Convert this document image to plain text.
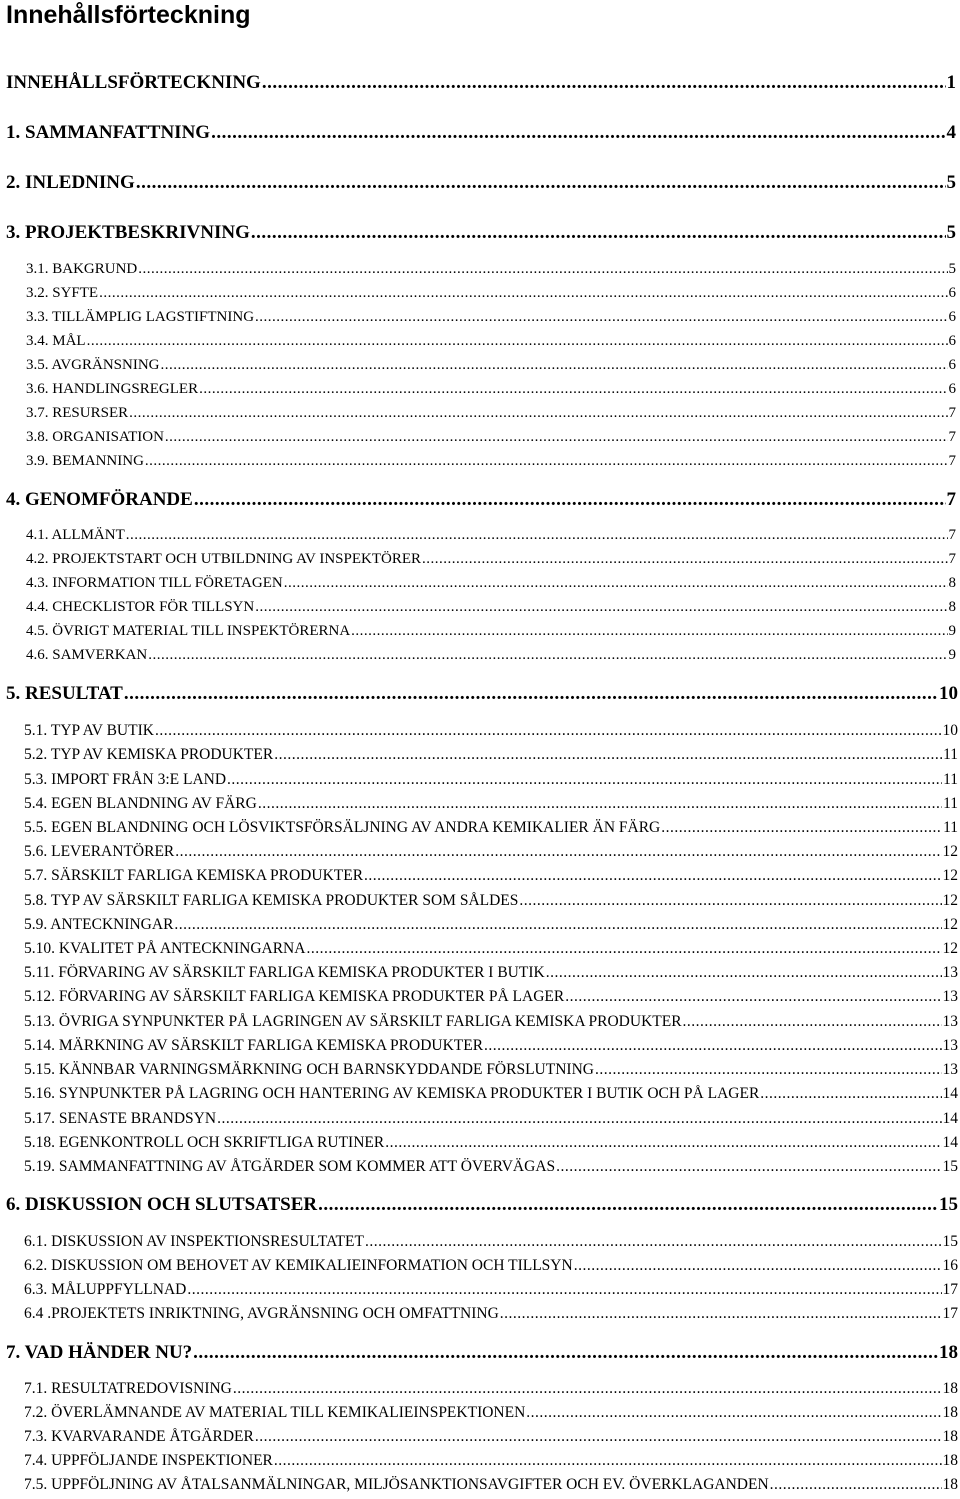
Innehållsförteckning
INNEHÅLLSFÖRTECKNING .....	1
1. SAMMANFATTNING .....	4
2. INLEDNING .....	5
3. PROJEKTBESKRIVNING .....	5
3.1. BAKGRUND .....	5
3.2. SYFTE .....	6
3.3. TILLÄMPLIG LAGSTIFTNING .....	6
3.4. MÅL .....	6
3.5. AVGRÄNSNING .....	6
3.6. HANDLINGSREGLER .....	6
3.7. RESURSER .....	7
3.8. ORGANISATION .....	7
3.9. BEMANNING .....	7
4. GENOMFÖRANDE .....	7
4.1. ALLMÄNT .....	7
4.2. PROJEKTSTART OCH UTBILDNING AV INSPEKTÖRER .....	7
4.3. INFORMATION TILL FÖRETAGEN .....	8
4.4. CHECKLISTOR FÖR TILLSYN .....	8
4.5. ÖVRIGT MATERIAL TILL INSPEKTÖRERNA .....	9
4.6. SAMVERKAN .....	9
5. RESULTAT .....	10
5.1. TYP AV BUTIK .....	10
5.2. TYP AV KEMISKA PRODUKTER .....	11
5.3. IMPORT FRÅN 3:E LAND .....	11
5.4. EGEN BLANDNING AV FÄRG .....	11
5.5. EGEN BLANDNING OCH LÖSVIKTSFÖRSÄLJNING AV ANDRA KEMIKALIER ÄN FÄRG .....	11
5.6. LEVERANTÖRER .....	12
5.7. SÄRSKILT FARLIGA KEMISKA PRODUKTER .....	12
5.8. TYP AV SÄRSKILT FARLIGA KEMISKA PRODUKTER SOM SÅLDES .....	12
5.9. ANTECKNINGAR .....	12
5.10. KVALITET PÅ ANTECKNINGARNA .....	12
5.11. FÖRVARING AV SÄRSKILT FARLIGA KEMISKA PRODUKTER I BUTIK .....	13
5.12. FÖRVARING AV SÄRSKILT FARLIGA KEMISKA PRODUKTER PÅ LAGER .....	13
5.13. ÖVRIGA SYNPUNKTER PÅ LAGRINGEN AV SÄRSKILT FARLIGA KEMISKA PRODUKTER .....	13
5.14. MÄRKNING AV SÄRSKILT FARLIGA KEMISKA PRODUKTER .....	13
5.15. KÄNNBAR VARNINGSMÄRKNING OCH BARNSKYDDANDE FÖRSLUTNING .....	13
5.16. SYNPUNKTER PÅ LAGRING OCH HANTERING AV KEMISKA PRODUKTER I BUTIK OCH PÅ LAGER .....	14
5.17. SENASTE BRANDSYN .....	14
5.18. EGENKONTROLL OCH SKRIFTLIGA RUTINER .....	14
5.19. SAMMANFATTNING AV ÅTGÄRDER SOM KOMMER ATT ÖVERVÄGAS .....	15
6. DISKUSSION OCH SLUTSATSER .....	15
6.1. DISKUSSION AV INSPEKTIONSRESULTATET .....	15
6.2. DISKUSSION OM BEHOVET AV KEMIKALIEINFORMATION OCH TILLSYN .....	16
6.3. MÅLUPPFYLLNAD .....	17
6.4 .PROJEKTETS INRIKTNING, AVGRÄNSNING OCH OMFATTNING .....	17
7. VAD HÄNDER NU? .....	18
7.1. RESULTATREDOVISNING .....	18
7.2. ÖVERLÄMNANDE AV MATERIAL TILL KEMIKALIEINSPEKTIONEN .....	18
7.3. KVARVARANDE ÅTGÄRDER .....	18
7.4. UPPFÖLJANDE INSPEKTIONER .....	18
7.5. UPPFÖLJNING AV ÅTALSANMÄLNINGAR, MILJÖSANKTIONSAVGIFTER OCH EV. ÖVERKLAGANDEN .....	18
